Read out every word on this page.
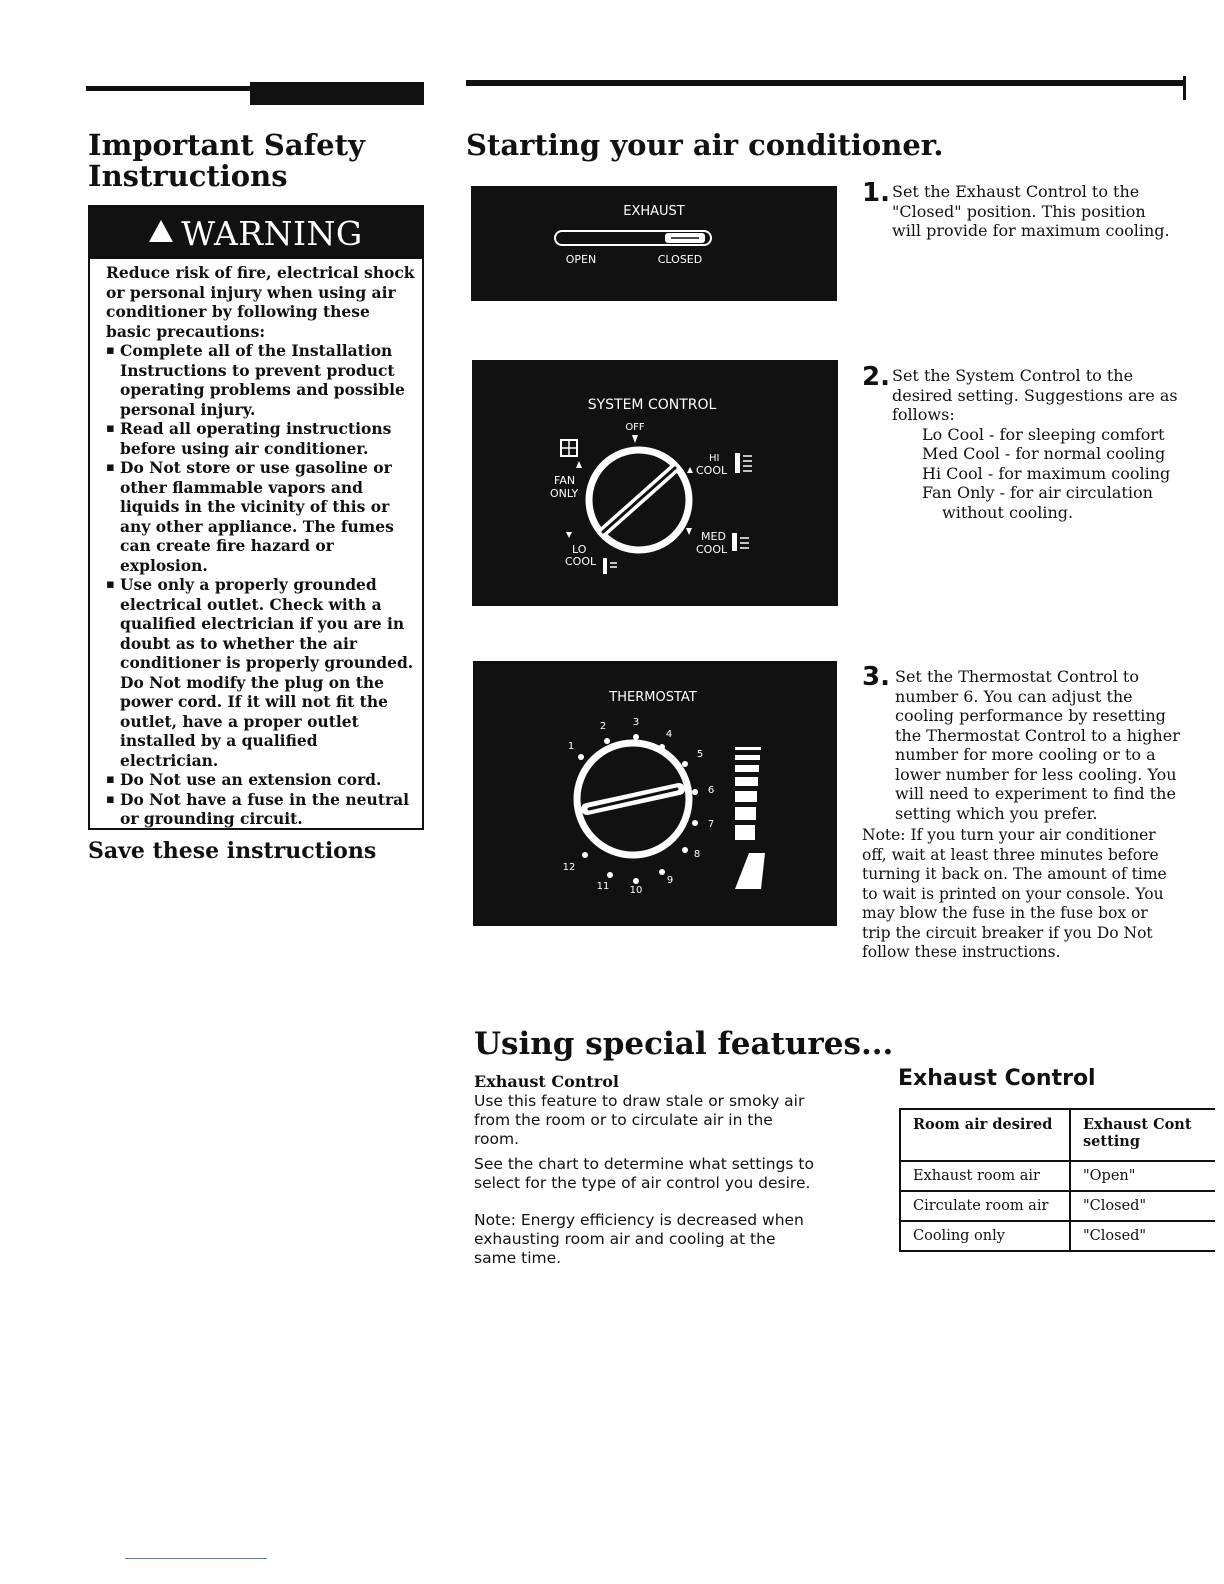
Important Safety
Instructions
WARNING
Reduce risk of fire, electrical shock or personal injury when using air conditioner by following these basic precautions:
▪ Complete all of the Installation Instructions to prevent product operating problems and possible personal injury.
▪ Read all operating instructions before using air conditioner.
▪ Do Not store or use gasoline or other flammable vapors and liquids in the vicinity of this or any other appliance. The fumes can create fire hazard or explosion.
▪ Use only a properly grounded electrical outlet. Check with a qualified electrician if you are in doubt as to whether the air conditioner is properly grounded. Do Not modify the plug on the power cord. If it will not fit the outlet, have a proper outlet installed by a qualified electrician.
▪ Do Not use an extension cord.
▪ Do Not have a fuse in the neutral or grounding circuit.
Save these instructions
Starting your air conditioner.
EXHAUST
OPEN	CLOSED
1. Set the Exhaust Control to the
"Closed" position. This position
will provide for maximum cooling.
SYSTEM CONTROL
OFF
FAN
ONLY
HI
COOL
LO
COOL
MED
COOL
2. Set the System Control to the
desired setting. Suggestions are as
follows:
Lo Cool - for sleeping comfort
Med Cool - for normal cooling
Hi Cool - for maximum cooling
Fan Only - for air circulation
without cooling.
THERMOSTAT
1
2	3
4
5
6
7
8
9
10
11
12
3. Set the Thermostat Control to
number 6. You can adjust the
cooling performance by resetting
the Thermostat Control to a higher
number for more cooling or to a
lower number for less cooling. You
will need to experiment to find the
setting which you prefer.
Note: If you turn your air conditioner
off, wait at least three minutes before
turning it back on. The amount of time
to wait is printed on your console. You
may blow the fuse in the fuse box or
trip the circuit breaker if you Do Not
follow these instructions.
Using special features...
Exhaust Control
Use this feature to draw stale or smoky air
from the room or to circulate air in the
room.
See the chart to determine what settings to
select for the type of air control you desire.
Note: Energy efficiency is decreased when
exhausting room air and cooling at the
same time.
Exhaust Control
Room air desired	Exhaust Cont
setting

Exhaust room air	"Open"
Circulate room air	"Closed"
Cooling only	"Closed"
